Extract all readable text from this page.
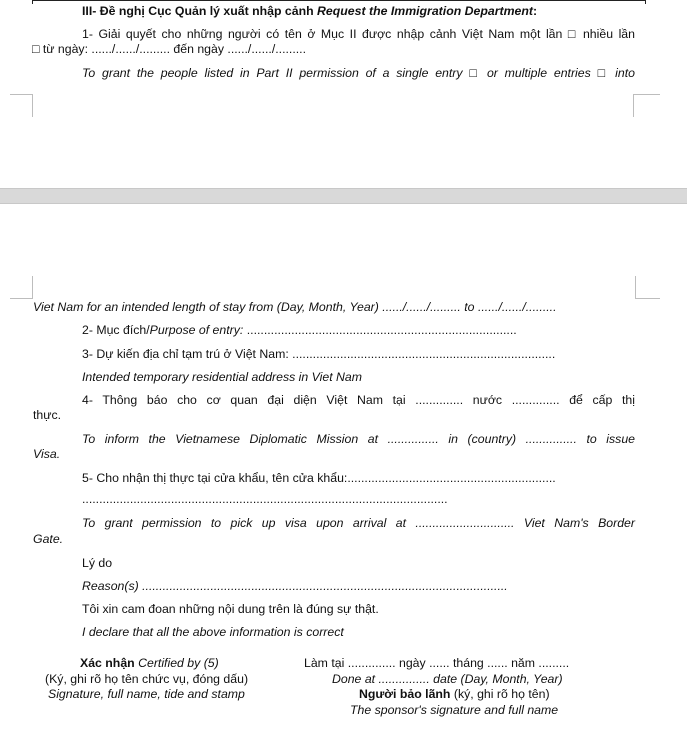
III- Đề nghị Cục Quản lý xuất nhập cảnh Request the Immigration Department:
1- Giải quyết cho những người có tên ở Mục II được nhập cảnh Việt Nam một lần □ nhiều lần
□ từ ngày: ....../....../......... đến ngày ....../....../.........
To grant the people listed in Part II permission of a single entry □ or multiple entries □ into
Viet Nam for an intended length of stay from (Day, Month, Year) ....../....../......... to ....../....../.........
2- Mục đích/Purpose of entry: ...............................................................................
3- Dự kiến địa chỉ tạm trú ở Việt Nam: .............................................................................
Intended temporary residential address in Viet Nam
4- Thông báo cho cơ quan đại diện Việt Nam tại .............. nước .............. để cấp thị
thực.
To inform the Vietnamese Diplomatic Mission at ............... in (country) ............... to issue
Visa.
5- Cho nhận thị thực tại cửa khẩu, tên cửa khẩu:.............................................................
...........................................................................................................
To grant permission to pick up visa upon arrival at ............................. Viet Nam's Border
Gate.
Lý do
Reason(s) ...........................................................................................................
Tôi xin cam đoan những nội dung trên là đúng sự thật.
I declare that all the above information is correct
Xác nhận Certified by (5)
(Ký, ghi rõ họ tên chức vụ, đóng dấu)
Signature, full name, tide and stamp
Làm tại .............. ngày ...... tháng ...... năm .........
Done at ............... date (Day, Month, Year)
Người bảo lãnh (ký, ghi rõ họ tên)
The sponsor's signature and full name
